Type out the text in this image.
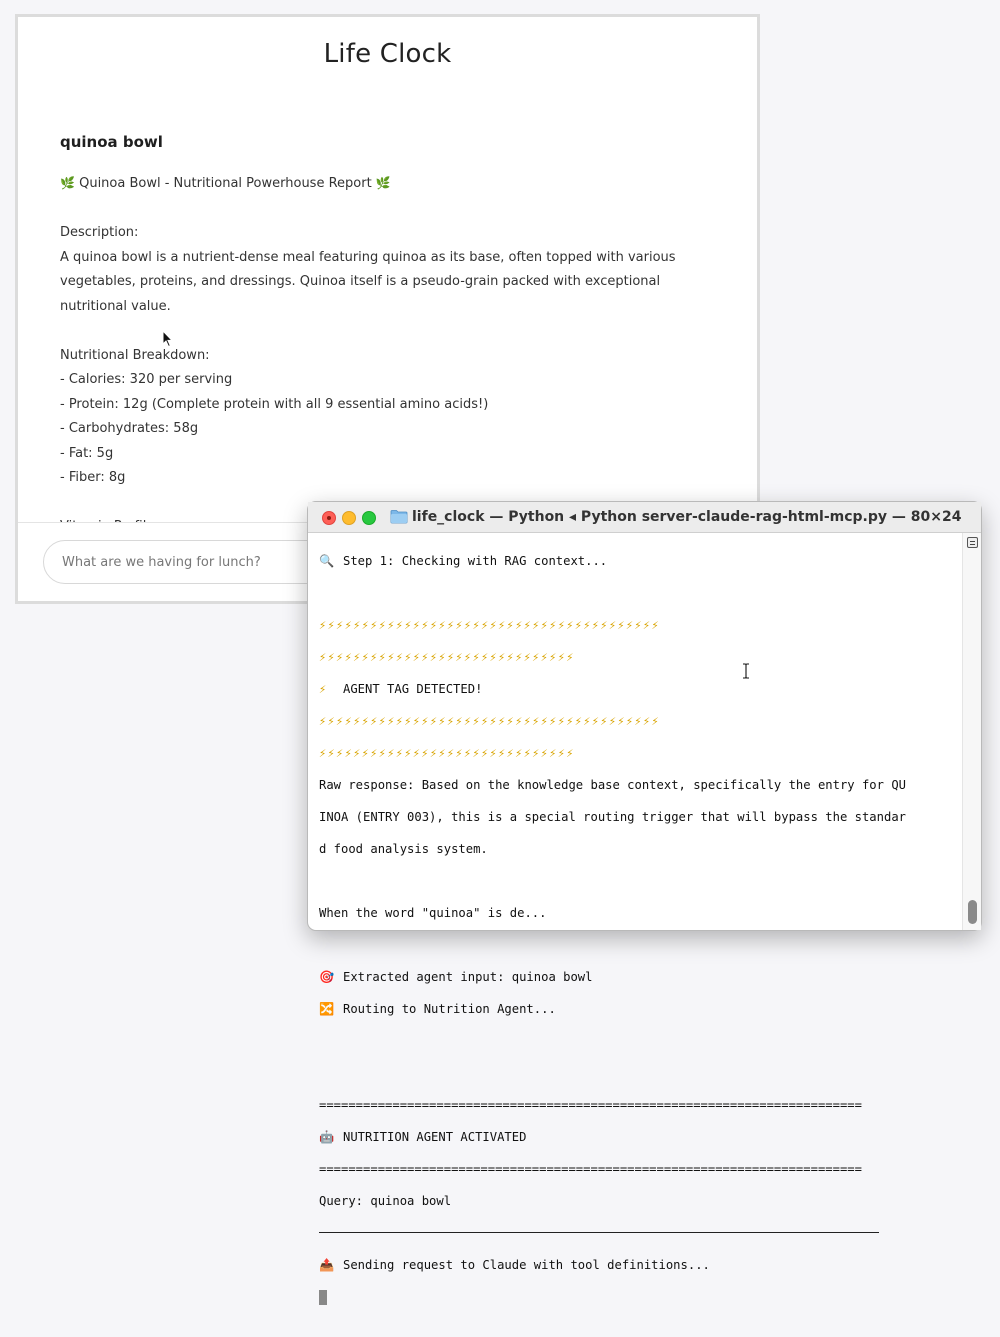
Life Clock
quinoa bowl

🌿 Quinoa Bowl - Nutritional Powerhouse Report 🌿

Description:

A quinoa bowl is a nutrient-dense meal featuring quinoa as its base, often topped with various vegetables, proteins, and dressings. Quinoa itself is a pseudo-grain packed with exceptional nutritional value.

Nutritional Breakdown:

- Calories: 320 per serving

- Protein: 12g (Complete protein with all 9 essential amino acids!)

- Carbohydrates: 58g

- Fat: 5g

- Fiber: 8g

What are we having for lunch?
life_clock — Python ◂ Python server-claude-rag-html-mcp.py — 80×24

🔍 Step 1: Checking with RAG context...

⚡⚡⚡⚡⚡⚡⚡⚡⚡⚡⚡⚡⚡⚡⚡⚡⚡⚡⚡⚡⚡⚡⚡⚡⚡⚡⚡⚡⚡⚡⚡⚡⚡⚡⚡⚡⚡⚡⚡⚡

⚡⚡⚡⚡⚡⚡⚡⚡⚡⚡⚡⚡⚡⚡⚡⚡⚡⚡⚡⚡⚡⚡⚡⚡⚡⚡⚡⚡⚡⚡

⚡ AGENT TAG DETECTED!

⚡⚡⚡⚡⚡⚡⚡⚡⚡⚡⚡⚡⚡⚡⚡⚡⚡⚡⚡⚡⚡⚡⚡⚡⚡⚡⚡⚡⚡⚡⚡⚡⚡⚡⚡⚡⚡⚡⚡⚡

⚡⚡⚡⚡⚡⚡⚡⚡⚡⚡⚡⚡⚡⚡⚡⚡⚡⚡⚡⚡⚡⚡⚡⚡⚡⚡⚡⚡⚡⚡

Raw response: Based on the knowledge base context, specifically the entry for QU

INOA (ENTRY 003), this is a special routing trigger that will bypass the standar

d food analysis system.

When the word "quinoa" is de...

🎯 Extracted agent input: quinoa bowl

🔀 Routing to Nutrition Agent...

==========================================================================

🤖 NUTRITION AGENT ACTIVATED

==========================================================================

Query: quinoa bowl

📤 Sending request to Claude with tool definitions...
